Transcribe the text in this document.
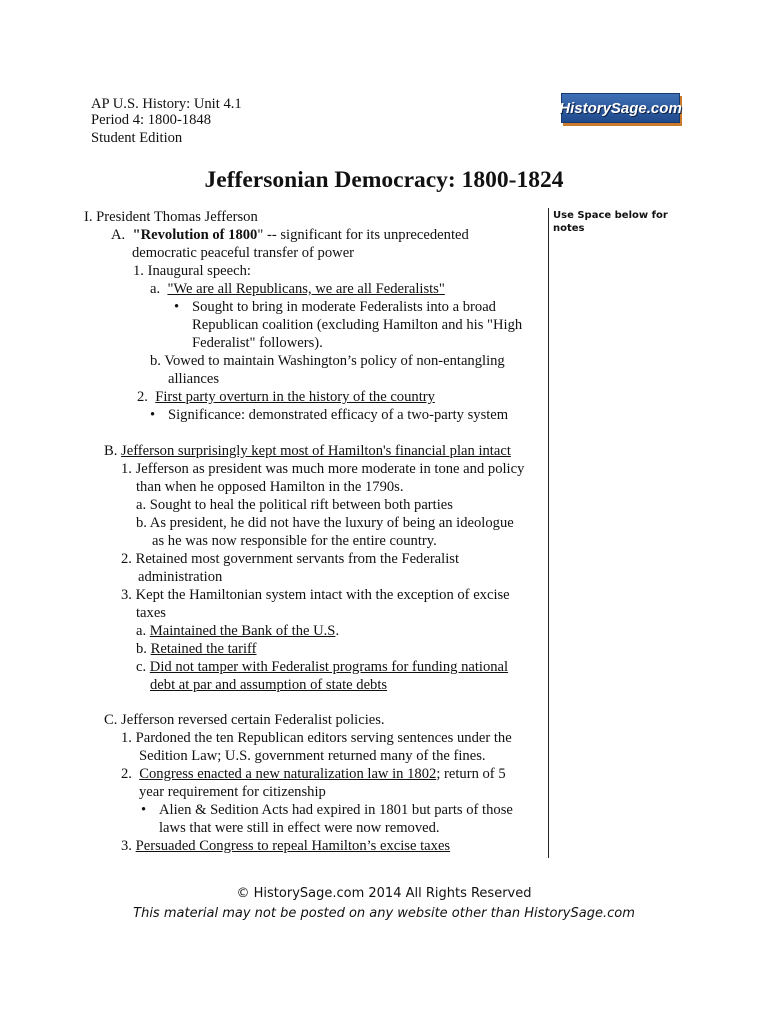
AP U.S. History: Unit 4.1
Period 4: 1800-1848
Student Edition
HistorySage.com
Jeffersonian Democracy: 1800-1824
Use Space below for notes
I. President Thomas Jefferson
A. "Revolution of 1800" -- significant for its unprecedented
democratic peaceful transfer of power
1. Inaugural speech:
a. "We are all Republicans, we are all Federalists"
• Sought to bring in moderate Federalists into a broad
Republican coalition (excluding Hamilton and his "High
Federalist" followers).
b. Vowed to maintain Washington’s policy of non-entangling
alliances
2. First party overturn in the history of the country
• Significance: demonstrated efficacy of a two-party system
B. Jefferson surprisingly kept most of Hamilton's financial plan intact
1. Jefferson as president was much more moderate in tone and policy
than when he opposed Hamilton in the 1790s.
a. Sought to heal the political rift between both parties
b. As president, he did not have the luxury of being an ideologue
as he was now responsible for the entire country.
2. Retained most government servants from the Federalist
administration
3. Kept the Hamiltonian system intact with the exception of excise
taxes
a. Maintained the Bank of the U.S.
b. Retained the tariff
c. Did not tamper with Federalist programs for funding national
debt at par and assumption of state debts
C. Jefferson reversed certain Federalist policies.
1. Pardoned the ten Republican editors serving sentences under the
Sedition Law; U.S. government returned many of the fines.
2. Congress enacted a new naturalization law in 1802; return of 5
year requirement for citizenship
• Alien & Sedition Acts had expired in 1801 but parts of those
laws that were still in effect were now removed.
3. Persuaded Congress to repeal Hamilton’s excise taxes
© HistorySage.com 2014 All Rights Reserved
This material may not be posted on any website other than HistorySage.com
